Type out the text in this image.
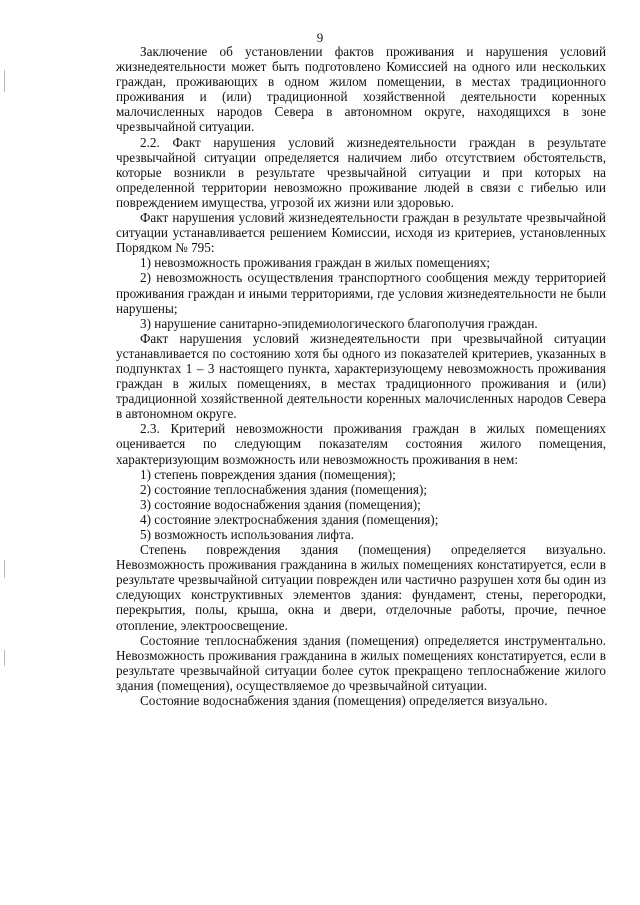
9

Заключение об установлении фактов проживания и нарушения условий жизнедеятельности может быть подготовлено Комиссией на одного или нескольких граждан, проживающих в одном жилом помещении, в местах традиционного проживания и (или) традиционной хозяйственной деятельности коренных малочисленных народов Севера в автономном округе, находящихся в зоне чрезвычайной ситуации.

2.2. Факт нарушения условий жизнедеятельности граждан в результате чрезвычайной ситуации определяется наличием либо отсутствием обстоятельств, которые возникли в результате чрезвычайной ситуации и при которых на определенной территории невозможно проживание людей в связи с гибелью или повреждением имущества, угрозой их жизни или здоровью.

Факт нарушения условий жизнедеятельности граждан в результате чрезвычайной ситуации устанавливается решением Комиссии, исходя из критериев, установленных Порядком № 795:

1) невозможность проживания граждан в жилых помещениях;

2) невозможность осуществления транспортного сообщения между территорией проживания граждан и иными территориями, где условия жизнедеятельности не были нарушены;

3) нарушение санитарно-эпидемиологического благополучия граждан.

Факт нарушения условий жизнедеятельности при чрезвычайной ситуации устанавливается по состоянию хотя бы одного из показателей критериев, указанных в подпунктах 1 – 3 настоящего пункта, характеризующему невозможность проживания граждан в жилых помещениях, в местах традиционного проживания и (или) традиционной хозяйственной деятельности коренных малочисленных народов Севера в автономном округе.

2.3. Критерий невозможности проживания граждан в жилых помещениях оценивается по следующим показателям состояния жилого помещения, характеризующим возможность или невозможность проживания в нем:

1) степень повреждения здания (помещения);

2) состояние теплоснабжения здания (помещения);

3) состояние водоснабжения здания (помещения);

4) состояние электроснабжения здания (помещения);

5) возможность использования лифта.

Степень повреждения здания (помещения) определяется визуально. Невозможность проживания гражданина в жилых помещениях констатируется, если в результате чрезвычайной ситуации поврежден или частично разрушен хотя бы один из следующих конструктивных элементов здания: фундамент, стены, перегородки, перекрытия, полы, крыша, окна и двери, отделочные работы, прочие, печное отопление, электроосвещение.

Состояние теплоснабжения здания (помещения) определяется инструментально. Невозможность проживания гражданина в жилых помещениях констатируется, если в результате чрезвычайной ситуации более суток прекращено теплоснабжение жилого здания (помещения), осуществляемое до чрезвычайной ситуации.

Состояние водоснабжения здания (помещения) определяется визуально.
